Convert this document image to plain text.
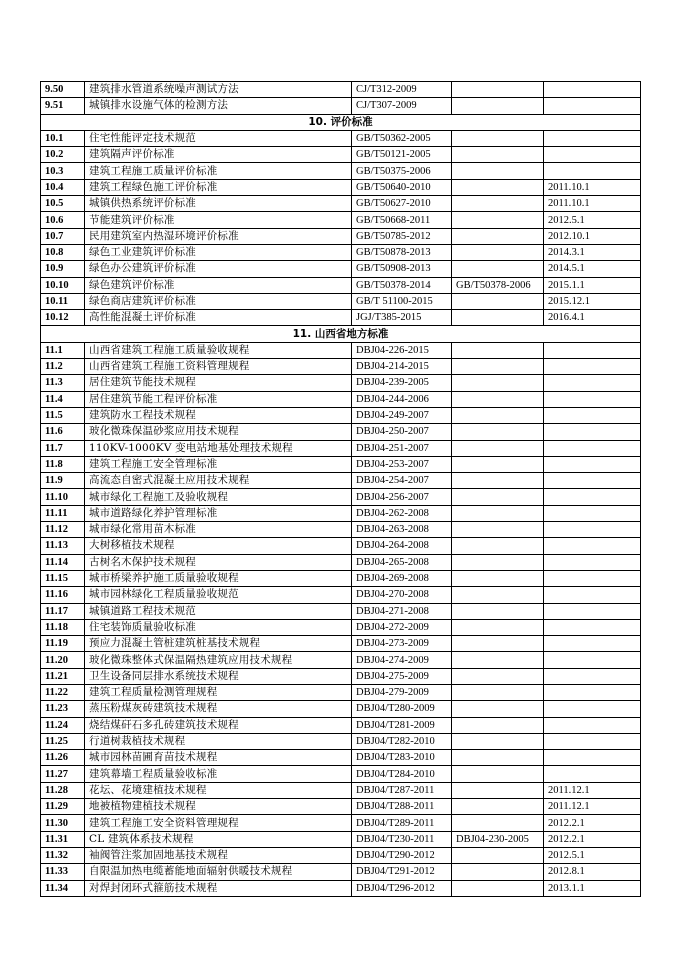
9.50	建筑排水管道系统噪声测试方法	CJ/T312-2009		
9.51	城镇排水设施气体的检测方法	CJ/T307-2009		
10. 评价标准				
10.1	住宅性能评定技术规范	GB/T50362-2005		
10.2	建筑隔声评价标准	GB/T50121-2005		
10.3	建筑工程施工质量评价标准	GB/T50375-2006		
10.4	建筑工程绿色施工评价标准	GB/T50640-2010		2011.10.1
10.5	城镇供热系统评价标准	GB/T50627-2010		2011.10.1
10.6	节能建筑评价标准	GB/T50668-2011		2012.5.1
10.7	民用建筑室内热湿环境评价标准	GB/T50785-2012		2012.10.1
10.8	绿色工业建筑评价标准	GB/T50878-2013		2014.3.1
10.9	绿色办公建筑评价标准	GB/T50908-2013		2014.5.1
10.10	绿色建筑评价标准	GB/T50378-2014	GB/T50378-2006	2015.1.1
10.11	绿色商店建筑评价标准	GB/T 51100-2015		2015.12.1
10.12	高性能混凝土评价标准	JGJ/T385-2015		2016.4.1
11. 山西省地方标准				
11.1	山西省建筑工程施工质量验收规程	DBJ04-226-2015		
11.2	山西省建筑工程施工资料管理规程	DBJ04-214-2015		
11.3	居住建筑节能技术规程	DBJ04-239-2005		
11.4	居住建筑节能工程评价标准	DBJ04-244-2006		
11.5	建筑防水工程技术规程	DBJ04-249-2007		
11.6	玻化微珠保温砂浆应用技术规程	DBJ04-250-2007		
11.7	110KV-1000KV 变电站地基处理技术规程	DBJ04-251-2007		
11.8	建筑工程施工安全管理标准	DBJ04-253-2007		
11.9	高流态自密式混凝土应用技术规程	DBJ04-254-2007		
11.10	城市绿化工程施工及验收规程	DBJ04-256-2007		
11.11	城市道路绿化养护管理标准	DBJ04-262-2008		
11.12	城市绿化常用苗木标准	DBJ04-263-2008		
11.13	大树移植技术规程	DBJ04-264-2008		
11.14	古树名木保护技术规程	DBJ04-265-2008		
11.15	城市桥梁养护施工质量验收规程	DBJ04-269-2008		
11.16	城市园林绿化工程质量验收规范	DBJ04-270-2008		
11.17	城镇道路工程技术规范	DBJ04-271-2008		
11.18	住宅装饰质量验收标准	DBJ04-272-2009		
11.19	预应力混凝土管桩建筑桩基技术规程	DBJ04-273-2009		
11.20	玻化微珠整体式保温隔热建筑应用技术规程	DBJ04-274-2009		
11.21	卫生设备同层排水系统技术规程	DBJ04-275-2009		
11.22	建筑工程质量检测管理规程	DBJ04-279-2009		
11.23	蒸压粉煤灰砖建筑技术规程	DBJ04/T280-2009		
11.24	烧结煤矸石多孔砖建筑技术规程	DBJ04/T281-2009		
11.25	行道树栽植技术规程	DBJ04/T282-2010		
11.26	城市园林苗圃育苗技术规程	DBJ04/T283-2010		
11.27	建筑幕墙工程质量验收标准	DBJ04/T284-2010		
11.28	花坛、花境建植技术规程	DBJ04/T287-2011		2011.12.1
11.29	地被植物建植技术规程	DBJ04/T288-2011		2011.12.1
11.30	建筑工程施工安全资料管理规程	DBJ04/T289-2011		2012.2.1
11.31	CL 建筑体系技术规程	DBJ04/T230-2011	DBJ04-230-2005	2012.2.1
11.32	袖阀管注浆加固地基技术规程	DBJ04/T290-2012		2012.5.1
11.33	自限温加热电缆蓄能地面辐射供暖技术规程	DBJ04/T291-2012		2012.8.1
11.34	对焊封闭环式箍筋技术规程	DBJ04/T296-2012		2013.1.1
